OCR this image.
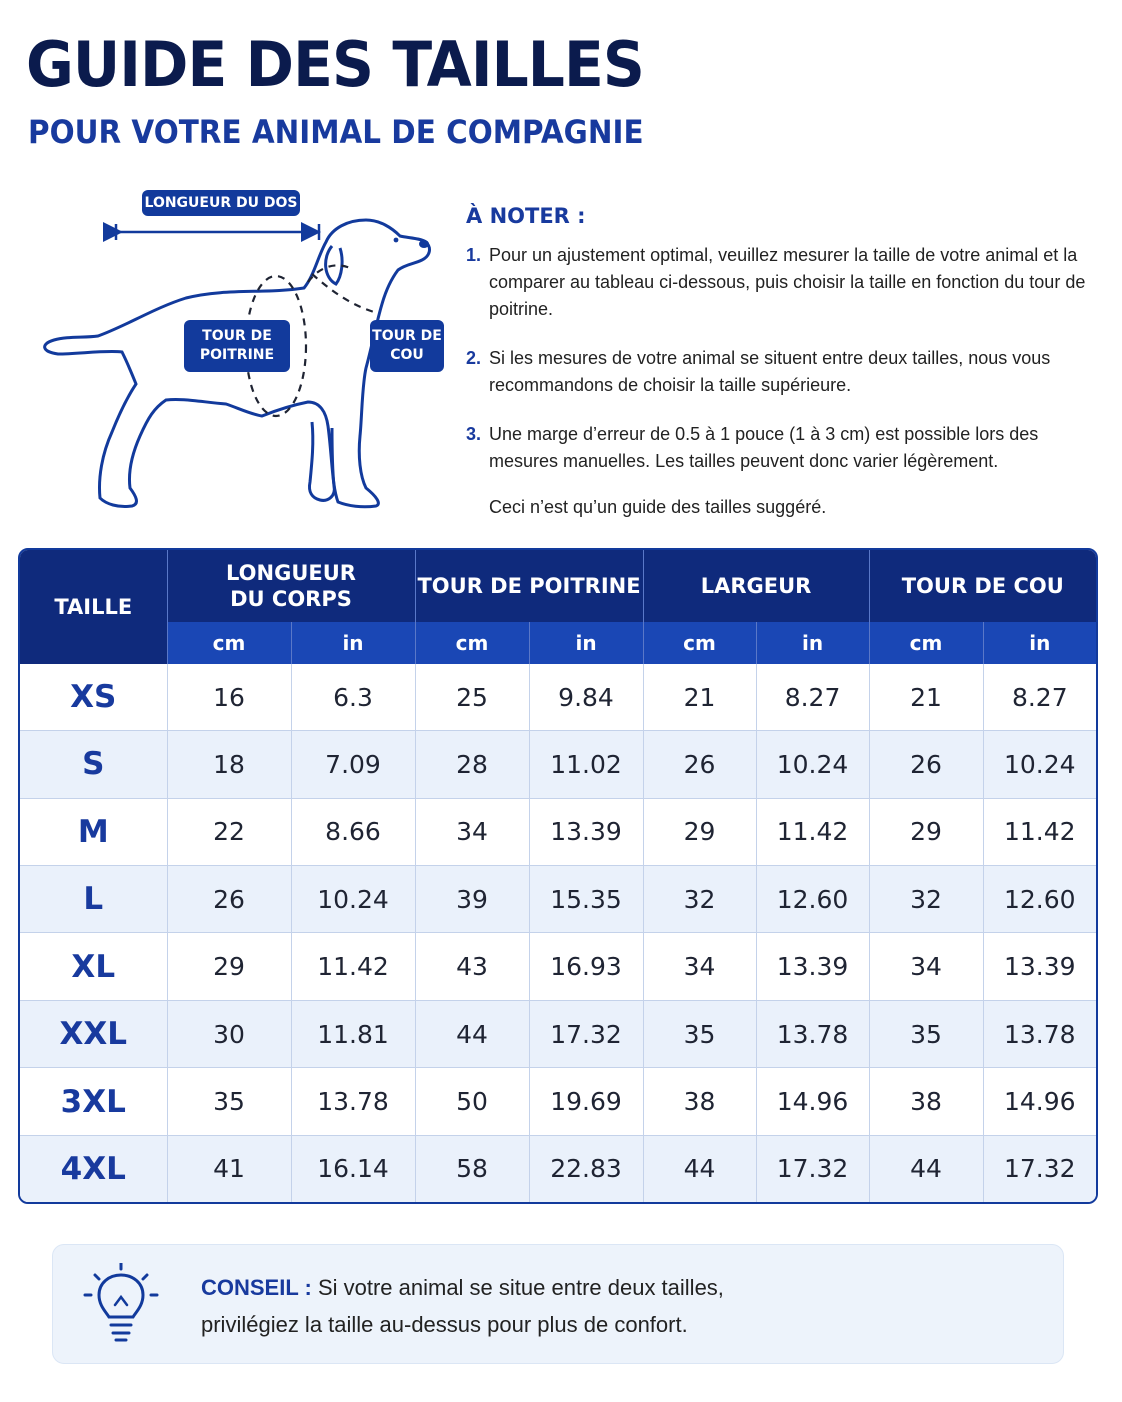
GUIDE DES TAILLES
POUR VOTRE ANIMAL DE COMPAGNIE
LONGUEUR DU DOS
TOUR DE
POITRINE
TOUR DE
COU
À NOTER :
1. Pour un ajustement optimal, veuillez mesurer la taille de votre animal et la comparer au tableau ci-dessous, puis choisir la taille en fonction du tour de poitrine.
2. Si les mesures de votre animal se situent entre deux tailles, nous vous recommandons de choisir la taille supérieure.
3. Une marge d’erreur de 0.5 à 1 pouce (1 à 3 cm) est possible lors des mesures manuelles. Les tailles peuvent donc varier légèrement.
Ceci n’est qu’un guide des tailles suggéré.
TAILLE	LONGUEUR
DU CORPS		TOUR DE POITRINE		LARGEUR		TOUR DE COU	
	cm	in	cm	in	cm	in	cm	in
XS	16	6.3	25	9.84	21	8.27	21	8.27
S	18	7.09	28	11.02	26	10.24	26	10.24
M	22	8.66	34	13.39	29	11.42	29	11.42
L	26	10.24	39	15.35	32	12.60	32	12.60
XL	29	11.42	43	16.93	34	13.39	34	13.39
XXL	30	11.81	44	17.32	35	13.78	35	13.78
3XL	35	13.78	50	19.69	38	14.96	38	14.96
4XL	41	16.14	58	22.83	44	17.32	44	17.32
CONSEIL : Si votre animal se situe entre deux tailles,
privilégiez la taille au-dessus pour plus de confort.
